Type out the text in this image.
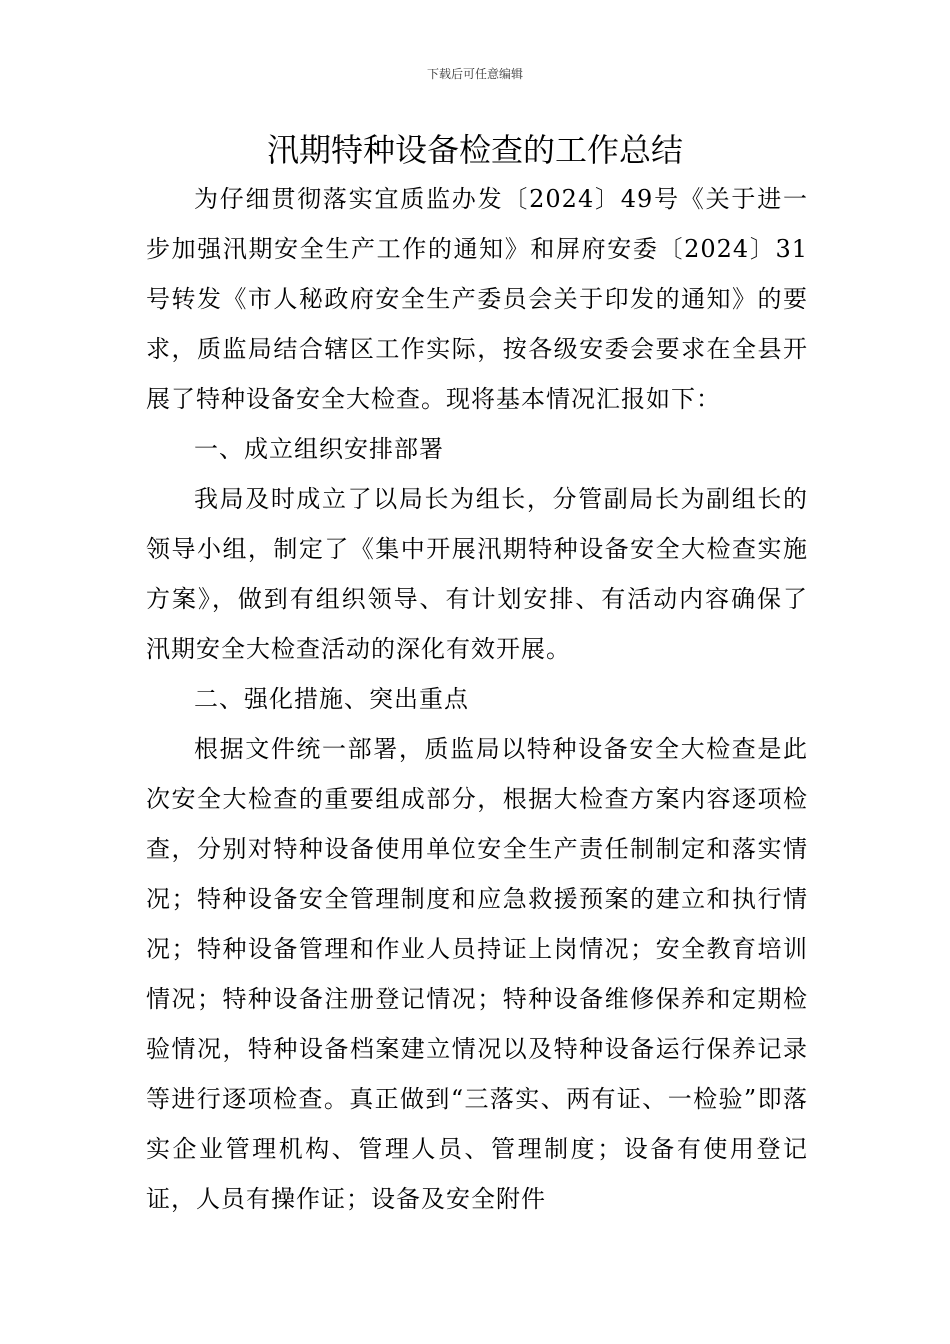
下载后可任意编辑
汛期特种设备检查的工作总结

为仔细贯彻落实宜质监办发〔2024〕49号《关于进一步加强汛期安全生产工作的通知》和屏府安委〔2024〕31号转发《市人秘政府安全生产委员会关于印发的通知》的要求，质监局结合辖区工作实际，按各级安委会要求在全县开展了特种设备安全大检查。现将基本情况汇报如下：

一、成立组织安排部署

我局及时成立了以局长为组长，分管副局长为副组长的领导小组，制定了《集中开展汛期特种设备安全大检查实施方案》，做到有组织领导、有计划安排、有活动内容确保了汛期安全大检查活动的深化有效开展。

二、强化措施、突出重点

根据文件统一部署，质监局以特种设备安全大检查是此次安全大检查的重要组成部分，根据大检查方案内容逐项检查，分别对特种设备使用单位安全生产责任制制定和落实情况；特种设备安全管理制度和应急救援预案的建立和执行情况；特种设备管理和作业人员持证上岗情况；安全教育培训情况；特种设备注册登记情况；特种设备维修保养和定期检验情况，特种设备档案建立情况以及特种设备运行保养记录等进行逐项检查。真正做到“三落实、两有证、一检验”即落实企业管理机构、管理人员、管理制度；设备有使用登记证，人员有操作证；设备及安全附件
